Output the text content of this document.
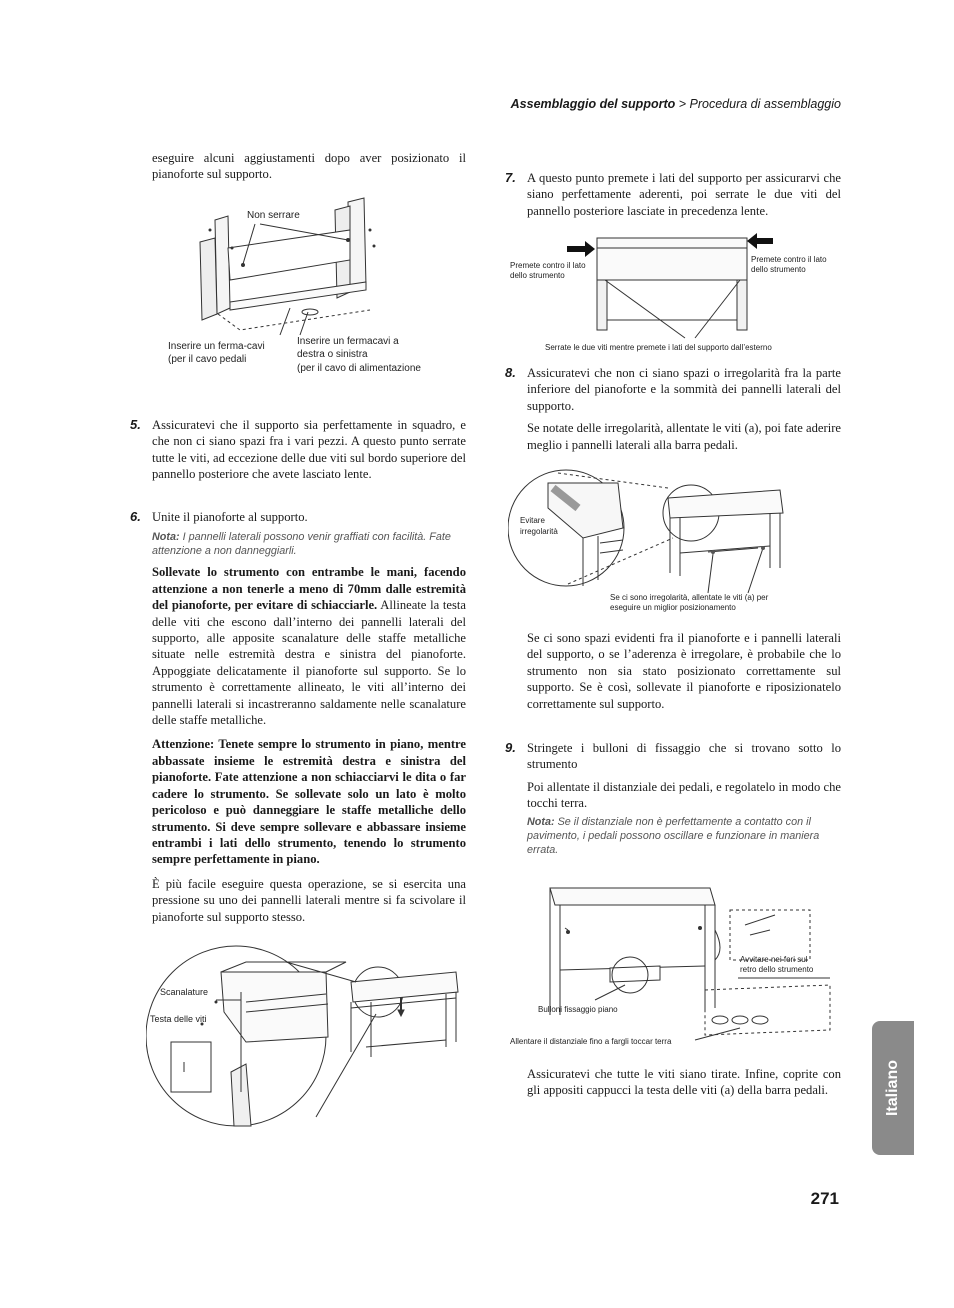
Assemblaggio del supporto > Procedura di assemblaggio

eseguire alcuni aggiustamenti dopo aver posizionato il pianoforte sul supporto.

Non serrare
Inserire un ferma-cavi
(per il cavo pedali
Inserire un fermacavi a
destra o sinistra
(per il cavo di alimentazione
5. Assicuratevi che il supporto sia perfettamente in squadro, e che non ci siano spazi fra i vari pezzi. A questo punto serrate tutte le viti, ad eccezione delle due viti sul bordo superiore del pannello posteriore che avete lasciato lente.

6. Unite il pianoforte al supporto.

Nota: I pannelli laterali possono venir graffiati con facilità. Fate attenzione a non danneggiarli.

Sollevate lo strumento con entrambe le mani, facendo attenzione a non tenerle a meno di 70mm dalle estremità del pianoforte, per evitare di schiacciarle. Allineate la testa delle viti che escono dall’interno dei pannelli laterali del supporto, alle apposite scanalature delle staffe metalliche situate nelle estremità destra e sinistra del pianoforte. Appoggiate delicatamente il pianoforte sul supporto. Se lo strumento è correttamente allineato, le viti all’interno dei pannelli laterali si incastreranno saldamente nelle scanalature delle staffe metalliche.

Attenzione: Tenete sempre lo strumento in piano, mentre abbassate insieme le estremità destra e sinistra del pianoforte. Fate attenzione a non schiacciarvi le dita o far cadere lo strumento. Se sollevate solo un lato è molto pericoloso e può danneggiare le staffe metalliche dello strumento. Si deve sempre sollevare e abbassare insieme entrambi i lati dello strumento, tenendo lo strumento sempre perfettamente in piano.

È più facile eseguire questa operazione, se si esercita una pressione su uno dei pannelli laterali mentre si fa scivolare il pianoforte sul supporto stesso.

Scanalature
Testa delle viti
7. A questo punto premete i lati del supporto per assicurarvi che siano perfettamente aderenti, poi serrate le due viti del pannello posteriore lasciate in precedenza lente.

Premete contro il lato
dello strumento
Premete contro il lato
dello strumento
Serrate le due viti mentre premete i lati del supporto dall’esterno
8. Assicuratevi che non ci siano spazi o irregolarità fra la parte inferiore del pianoforte e la sommità dei pannelli laterali del supporto.

Se notate delle irregolarità, allentate le viti (a), poi fate aderire meglio i pannelli laterali alla barra pedali.

Evitare
irregolarità
Se ci sono irregolarità, allentate le viti (a) per
eseguire un miglior posizionamento

Se ci sono spazi evidenti fra il pianoforte e i pannelli laterali del supporto, o se l’aderenza è irregolare, è probabile che lo strumento non sia stato posizionato correttamente sul supporto. Se è così, sollevate il pianoforte e riposizionatelo correttamente sul supporto.

9. Stringete i bulloni di fissaggio che si trovano sotto lo strumento

Poi allentate il distanziale dei pedali, e regolatelo in modo che tocchi terra.

Nota: Se il distanziale non è perfettamente a contatto con il pavimento, i pedali possono oscillare e funzionare in maniera errata.

Avvitare nei fori sul
retro dello strumento
Bulloni fissaggio piano
Allentare il distanziale fino a fargli toccar terra

Assicuratevi che tutte le viti siano tirate. Infine, coprite con gli appositi cappucci la testa delle viti (a) della barra pedali.	Italiano
271
